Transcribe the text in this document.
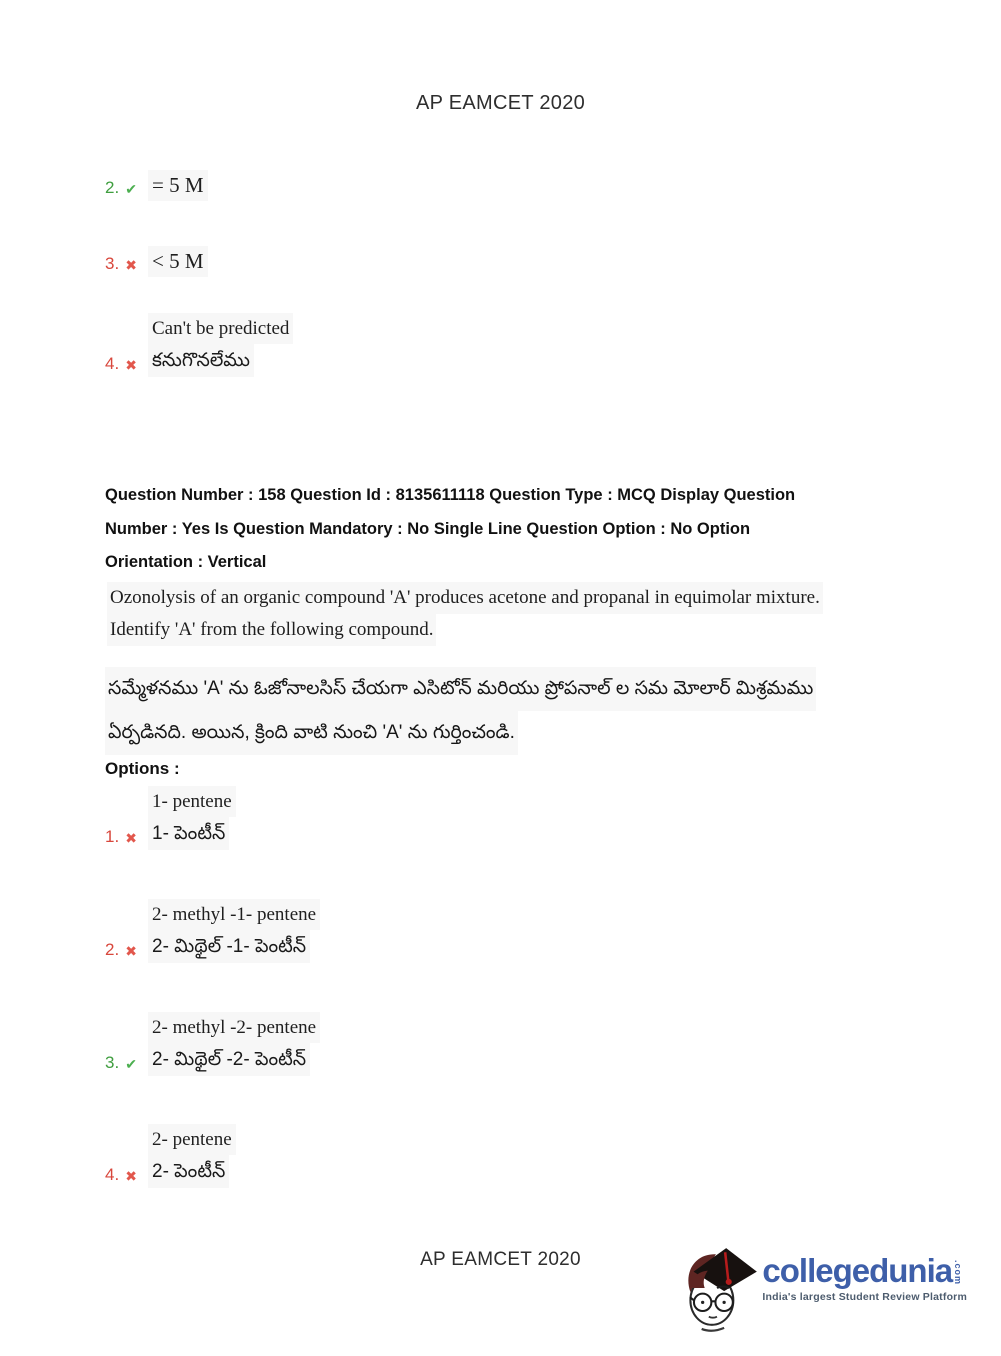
AP EAMCET 2020
2. ✔ = 5 M
3. ✖ < 5 M
4. ✖
Can't be predicted
కనుగొనలేము
Question Number : 158 Question Id : 8135611118 Question Type : MCQ Display Question
Number : Yes Is Question Mandatory : No Single Line Question Option : No Option
Orientation : Vertical
Ozonolysis of an organic compound 'A' produces acetone and propanal in equimolar mixture.
Identify 'A' from the following compound.
సమ్మేళనము 'A' ను ఓజోనాలసిస్ చేయగా ఎసిటోన్ మరియు ప్రోపనాల్ ల సమ మోలార్ మిశ్రమము
ఏర్పడినది. అయిన, క్రింది వాటి నుంచి 'A' ను గుర్తించండి.
Options :
1. ✖
1- pentene
1- పెంటీన్
2. ✖
2- methyl -1- pentene
2- మిథైల్ -1- పెంటీన్
3. ✔
2- methyl -2- pentene
2- మిథైల్ -2- పెంటీన్
4. ✖
2- pentene
2- పెంటీన్
AP EAMCET 2020	collegedunia .com
India's largest Student Review Platform
